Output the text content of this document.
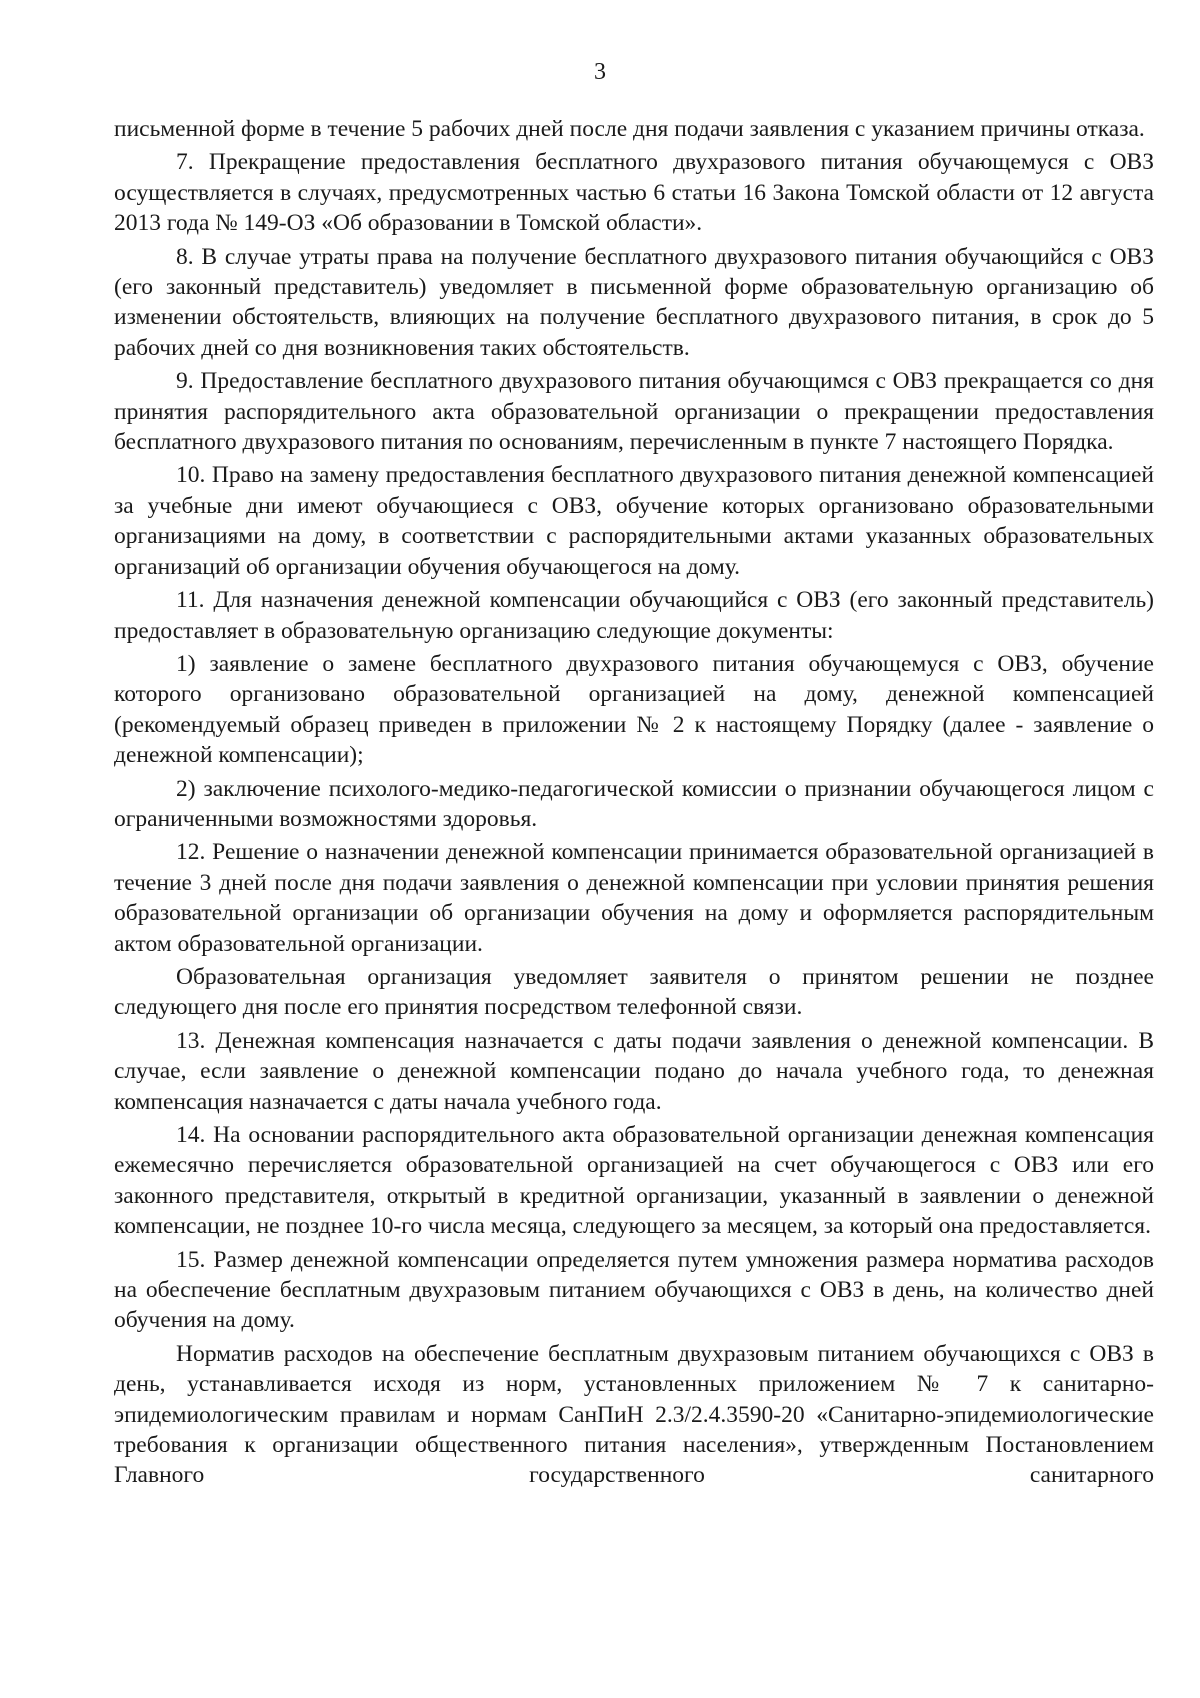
3

письменной форме в течение 5 рабочих дней после дня подачи заявления с указанием причины отказа.

7. Прекращение предоставления бесплатного двухразового питания обучающемуся с ОВЗ осуществляется в случаях, предусмотренных частью 6 статьи 16 Закона Томской области от 12 августа 2013 года № 149-ОЗ «Об образовании в Томской области».

8. В случае утраты права на получение бесплатного двухразового питания обучающийся с ОВЗ (его законный представитель) уведомляет в письменной форме образовательную организацию об изменении обстоятельств, влияющих на получение бесплатного двухразового питания, в срок до 5 рабочих дней со дня возникновения таких обстоятельств.

9. Предоставление бесплатного двухразового питания обучающимся с ОВЗ прекращается со дня принятия распорядительного акта образовательной организации о прекращении предоставления бесплатного двухразового питания по основаниям, перечисленным в пункте 7 настоящего Порядка.

10. Право на замену предоставления бесплатного двухразового питания денежной компенсацией за учебные дни имеют обучающиеся с ОВЗ, обучение которых организовано образовательными организациями на дому, в соответствии с распорядительными актами указанных образовательных организаций об организации обучения обучающегося на дому.

11. Для назначения денежной компенсации обучающийся с ОВЗ (его законный представитель) предоставляет в образовательную организацию следующие документы:

1) заявление о замене бесплатного двухразового питания обучающемуся с ОВЗ, обучение которого организовано образовательной организацией на дому, денежной компенсацией (рекомендуемый образец приведен в приложении № 2 к настоящему Порядку (далее - заявление о денежной компенсации);

2) заключение психолого-медико-педагогической комиссии о признании обучающегося лицом с ограниченными возможностями здоровья.

12. Решение о назначении денежной компенсации принимается образовательной организацией в течение 3 дней после дня подачи заявления о денежной компенсации при условии принятия решения образовательной организации об организации обучения на дому и оформляется распорядительным актом образовательной организации.

Образовательная организация уведомляет заявителя о принятом решении не позднее следующего дня после его принятия посредством телефонной связи.

13. Денежная компенсация назначается с даты подачи заявления о денежной компенсации. В случае, если заявление о денежной компенсации подано до начала учебного года, то денежная компенсация назначается с даты начала учебного года.

14. На основании распорядительного акта образовательной организации денежная компенсация ежемесячно перечисляется образовательной организацией на счет обучающегося с ОВЗ или его законного представителя, открытый в кредитной организации, указанный в заявлении о денежной компенсации, не позднее 10-го числа месяца, следующего за месяцем, за который она предоставляется.

15. Размер денежной компенсации определяется путем умножения размера норматива расходов на обеспечение бесплатным двухразовым питанием обучающихся с ОВЗ в день, на количество дней обучения на дому.

Норматив расходов на обеспечение бесплатным двухразовым питанием обучающихся с ОВЗ в день, устанавливается исходя из норм, установленных приложением № 7 к санитарно-эпидемиологическим правилам и нормам СанПиН 2.3/2.4.3590-20 «Санитарно-эпидемиологические требования к организации общественного питания населения», утвержденным Постановлением Главного государственного санитарного
